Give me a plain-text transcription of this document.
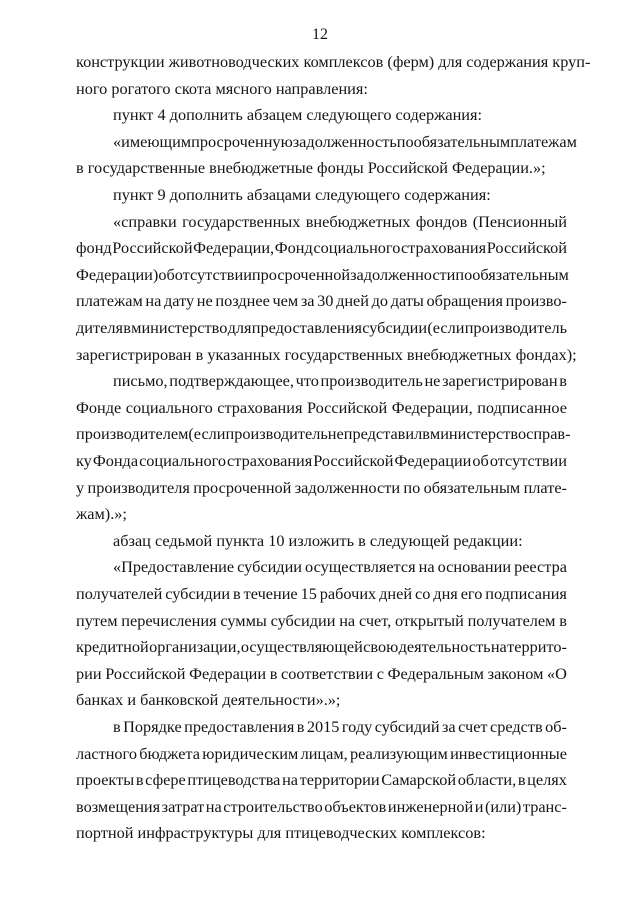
12
конструкции животноводческих комплексов (ферм) для содержания круп-
ного рогатого скота мясного направления:
пункт 4 дополнить абзацем следующего содержания:
«имеющим просроченную задолженность по обязательным платежам
в государственные внебюджетные фонды Российской Федерации.»;
пункт 9 дополнить абзацами следующего содержания:
«справки государственных внебюджетных фондов (Пенсионный
фонд Российской Федерации, Фонд социального страхования Российской
Федерации) об отсутствии просроченной задолженности по обязательным
платежам на дату не позднее чем за 30 дней до даты обращения произво-
дителя в министерство для предоставления субсидии (если производитель
зарегистрирован в указанных государственных внебюджетных фондах);
письмо, подтверждающее, что производитель не зарегистрирован в
Фонде социального страхования Российской Федерации, подписанное
производителем (если производитель не представил в министерство справ-
ку Фонда социального страхования Российской Федерации об отсутствии
у производителя просроченной задолженности по обязательным плате-
жам).»;
абзац седьмой пункта 10 изложить в следующей редакции:
«Предоставление субсидии осуществляется на основании реестра
получателей субсидии в течение 15 рабочих дней со дня его подписания
путем перечисления суммы субсидии на счет, открытый получателем в
кредитной организации, осуществляющей свою деятельность на террито-
рии Российской Федерации в соответствии с Федеральным законом «О
банках и банковской деятельности».»;
в Порядке предоставления в 2015 году субсидий за счет средств об-
ластного бюджета юридическим лицам, реализующим инвестиционные
проекты в сфере птицеводства на территории Самарской области, в целях
возмещения затрат на строительство объектов инженерной и (или) транс-
портной инфраструктуры для птицеводческих комплексов:
